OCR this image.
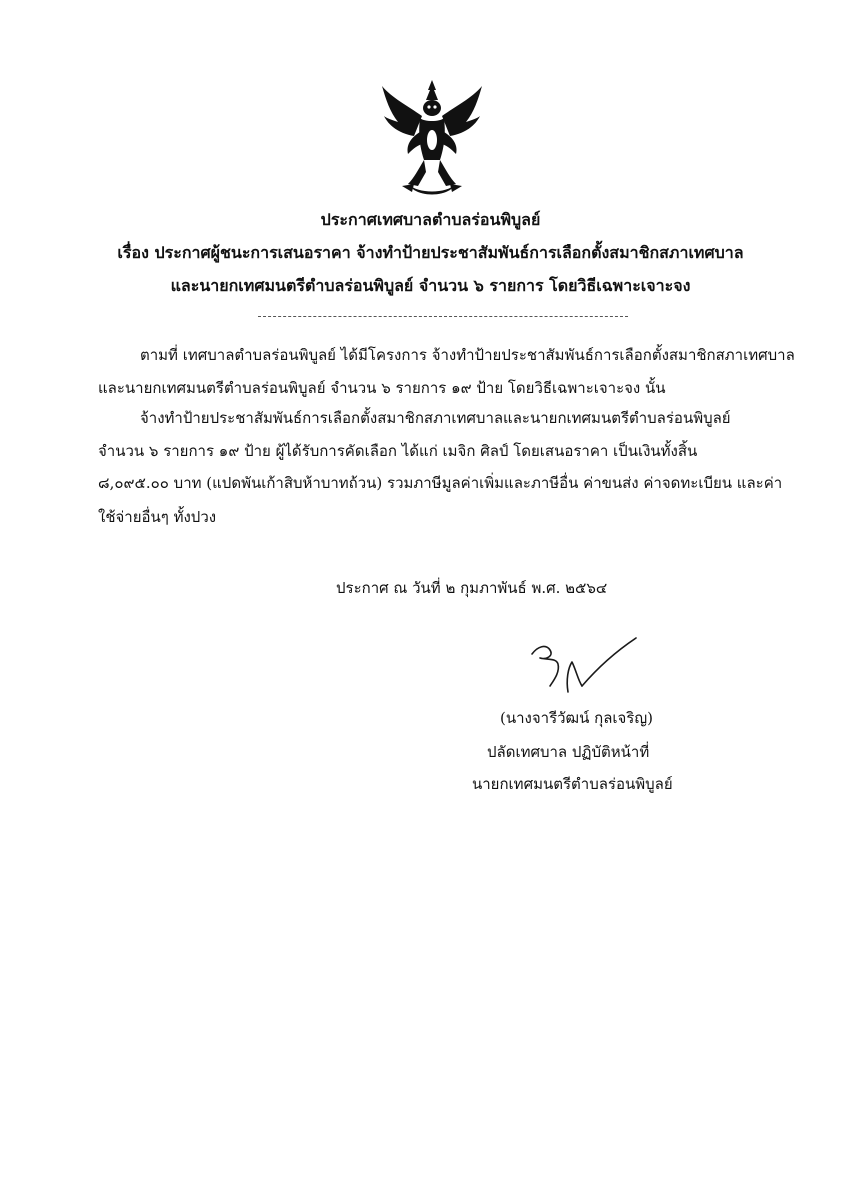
ประกาศเทศบาลตำบลร่อนพิบูลย์
เรื่อง ประกาศผู้ชนะการเสนอราคา จ้างทำป้ายประชาสัมพันธ์การเลือกตั้งสมาชิกสภาเทศบาล
และนายกเทศมนตรีตำบลร่อนพิบูลย์ จำนวน ๖ รายการ โดยวิธีเฉพาะเจาะจง
ตามที่ เทศบาลตำบลร่อนพิบูลย์ ได้มีโครงการ จ้างทำป้ายประชาสัมพันธ์การเลือกตั้งสมาชิกสภาเทศบาล
และนายกเทศมนตรีตำบลร่อนพิบูลย์ จำนวน ๖ รายการ ๑๙ ป้าย โดยวิธีเฉพาะเจาะจง นั้น
จ้างทำป้ายประชาสัมพันธ์การเลือกตั้งสมาชิกสภาเทศบาลและนายกเทศมนตรีตำบลร่อนพิบูลย์
จำนวน ๖ รายการ ๑๙ ป้าย ผู้ได้รับการคัดเลือก ได้แก่ เมจิก ศิลป์ โดยเสนอราคา เป็นเงินทั้งสิ้น
๘,๐๙๕.๐๐ บาท (แปดพันเก้าสิบห้าบาทถ้วน) รวมภาษีมูลค่าเพิ่มและภาษีอื่น ค่าขนส่ง ค่าจดทะเบียน และค่า
ใช้จ่ายอื่นๆ ทั้งปวง
ประกาศ ณ วันที่ ๒ กุมภาพันธ์ พ.ศ. ๒๕๖๔
(นางจารีวัฒน์ กุลเจริญ)
ปลัดเทศบาล ปฏิบัติหน้าที่
นายกเทศมนตรีตำบลร่อนพิบูลย์
